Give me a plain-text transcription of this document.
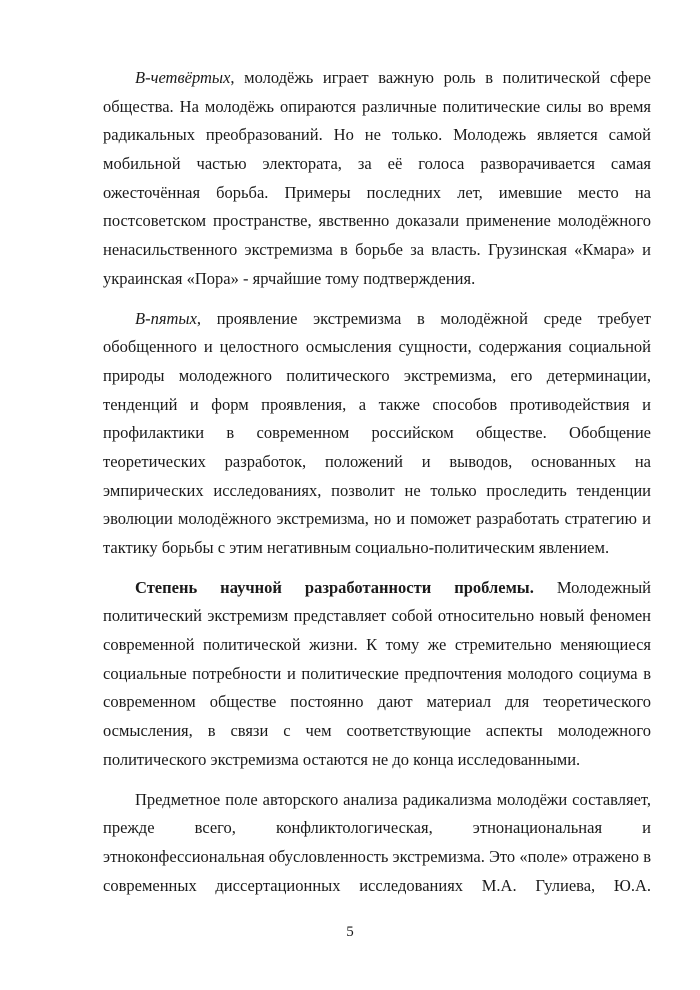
В-четвёртых, молодёжь играет важную роль в политической сфере
общества. На молодёжь опираются различные политические силы во время
радикальных преобразований. Но не только. Молодежь является самой
мобильной частью электората, за её голоса разворачивается самая
ожесточённая борьба. Примеры последних лет, имевшие место на
постсоветском пространстве, явственно доказали применение молодёжного
ненасильственного экстремизма в борьбе за власть. Грузинская «Кмара» и
украинская «Пора» - ярчайшие тому подтверждения.
В-пятых, проявление экстремизма в молодёжной среде требует
обобщенного и целостного осмысления сущности, содержания социальной
природы молодежного политического экстремизма, его детерминации,
тенденций и форм проявления, а также способов противодействия и
профилактики в современном российском обществе. Обобщение
теоретических разработок, положений и выводов, основанных на
эмпирических исследованиях, позволит не только проследить тенденции
эволюции молодёжного экстремизма, но и поможет разработать стратегию и
тактику борьбы с этим негативным социально-политическим явлением.
Степень научной разработанности проблемы. Молодежный
политический экстремизм представляет собой относительно новый феномен
современной политической жизни. К тому же стремительно меняющиеся
социальные потребности и политические предпочтения молодого социума в
современном обществе постоянно дают материал для теоретического
осмысления, в связи с чем соответствующие аспекты молодежного
политического экстремизма остаются не до конца исследованными.
Предметное поле авторского анализа радикализма молодёжи составляет,
прежде всего, конфликтологическая, этнонациональная и
этноконфессиональная обусловленность экстремизма. Это «поле» отражено в
современных диссертационных исследованиях М.А. Гулиева, Ю.А.
5
